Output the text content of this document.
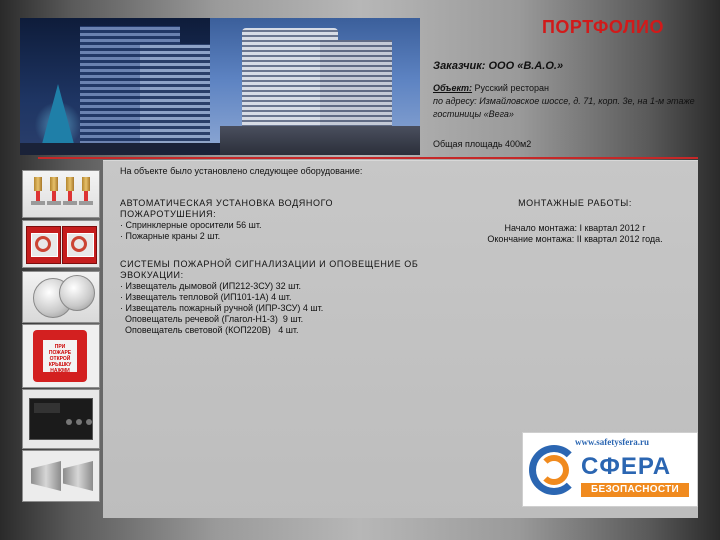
ПОРТФОЛИО
Заказчик: ООО «В.А.О.»
Объект: Русский ресторан
по адресу: Измайловское шоссе, д. 71, корп. 3е, на 1-м этаже гостиницы «Вега»
Общая площадь 400м2
На объекте было установлено следующее оборудование:
АВТОМАТИЧЕСКАЯ УСТАНОВКА ВОДЯНОГО ПОЖАРОТУШЕНИЯ:
· Спринклерные оросители 56 шт.
· Пожарные краны 2 шт.
СИСТЕМЫ ПОЖАРНОЙ СИГНАЛИЗАЦИИ И ОПОВЕЩЕНИЕ ОБ ЭВОКУАЦИИ:
· Извещатель дымовой (ИП212-3СУ) 32 шт.
· Извещатель тепловой (ИП101-1А) 4 шт.
· Извещатель пожарный ручной (ИПР-3СУ) 4 шт.
Оповещатель речевой (Глагол-Н1-3)  9 шт.
Оповещатель световой (КОП220В)   4 шт.
МОНТАЖНЫЕ РАБОТЫ:
Начало монтажа: I квартал 2012 г
Окончание монтажа: II квартал 2012 года.
ПРИ ПОЖАРЕ ОТКРОЙ КРЫШКУ НАЖМИ
www.safetysfera.ru
СФЕРА
БЕЗОПАСНОСТИ
